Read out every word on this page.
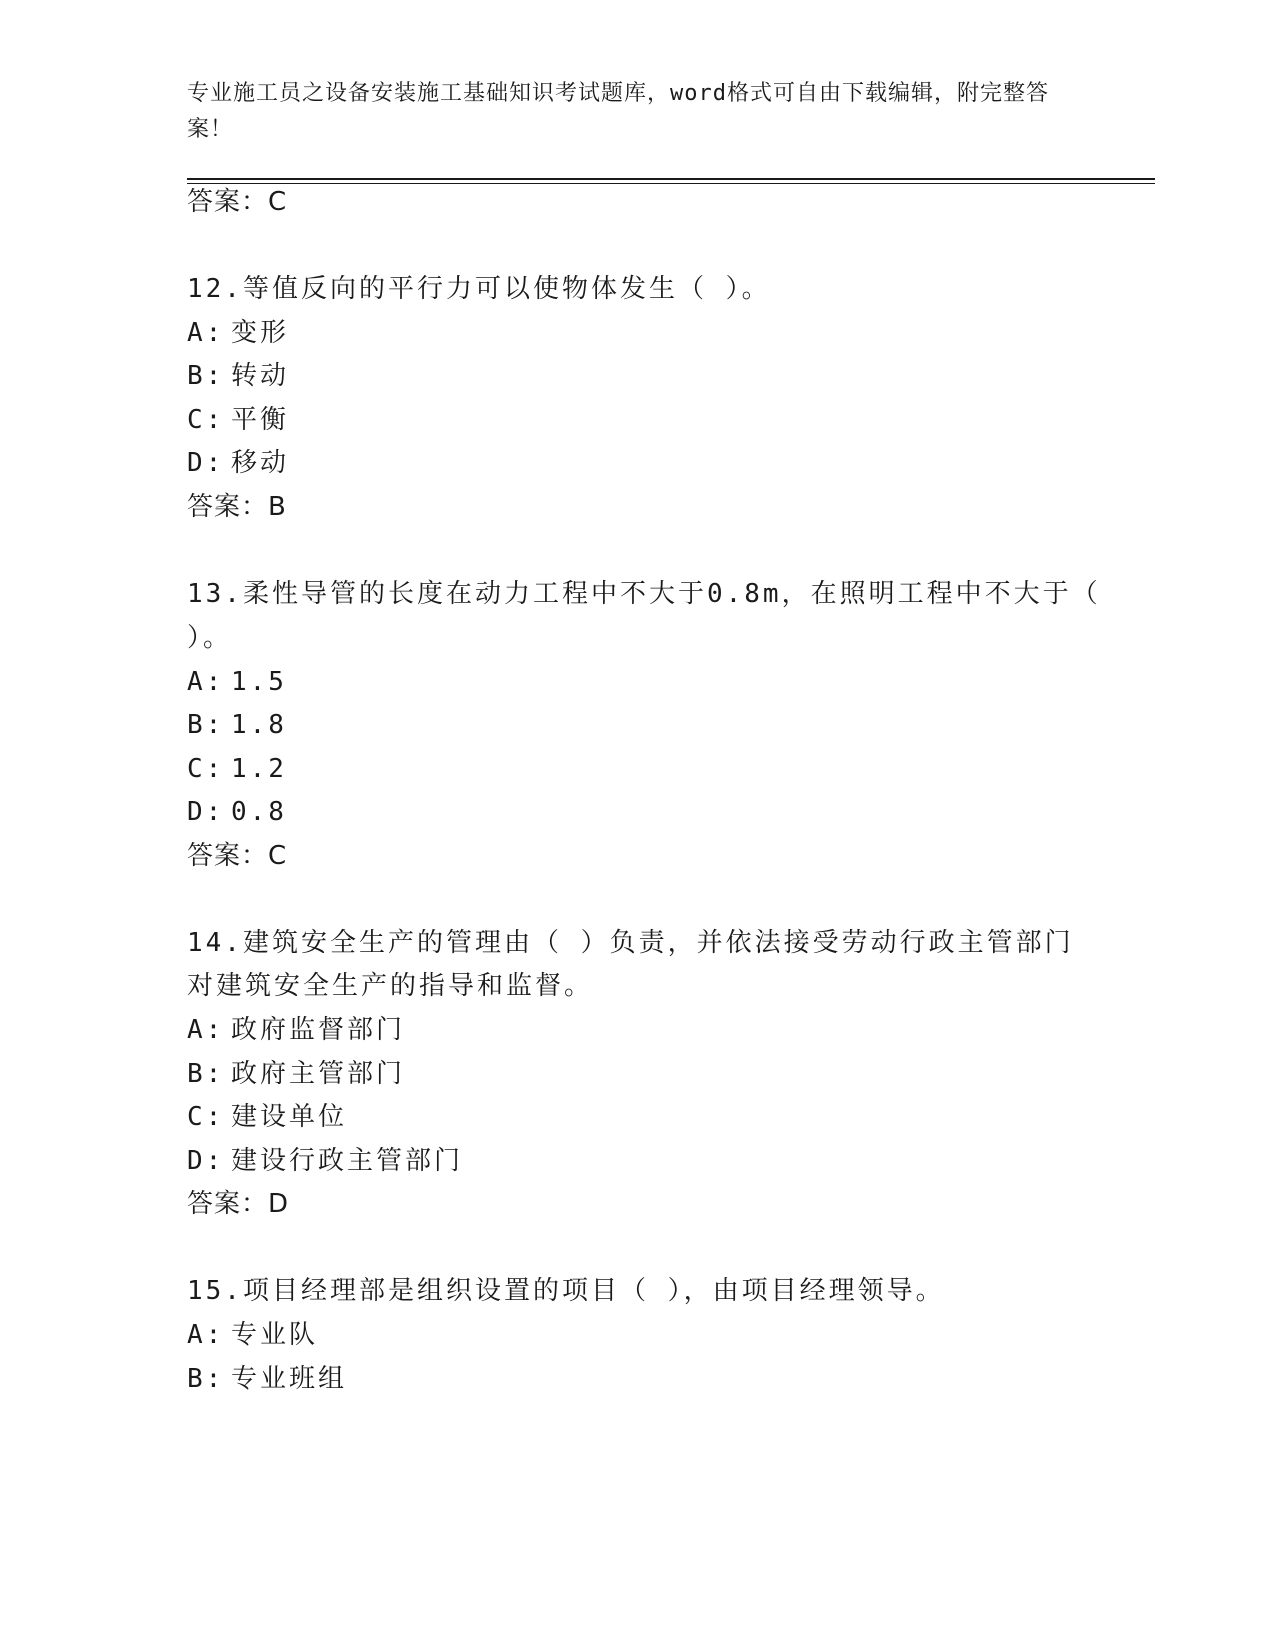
专业施工员之设备安装施工基础知识考试题库，word格式可自由下载编辑，附完整答案！
答案：C
12.等值反向的平行力可以使物体发生（ ）。
A: 变形
B: 转动
C: 平衡
D: 移动
答案：B
13.柔性导管的长度在动力工程中不大于0.8m，在照明工程中不大于（
）。
A: 1.5
B: 1.8
C: 1.2
D: 0.8
答案：C
14.建筑安全生产的管理由（ ）负责，并依法接受劳动行政主管部门
对建筑安全生产的指导和监督。
A: 政府监督部门
B: 政府主管部门
C: 建设单位
D: 建设行政主管部门
答案：D
15.项目经理部是组织设置的项目（ ），由项目经理领导。
A: 专业队
B: 专业班组
